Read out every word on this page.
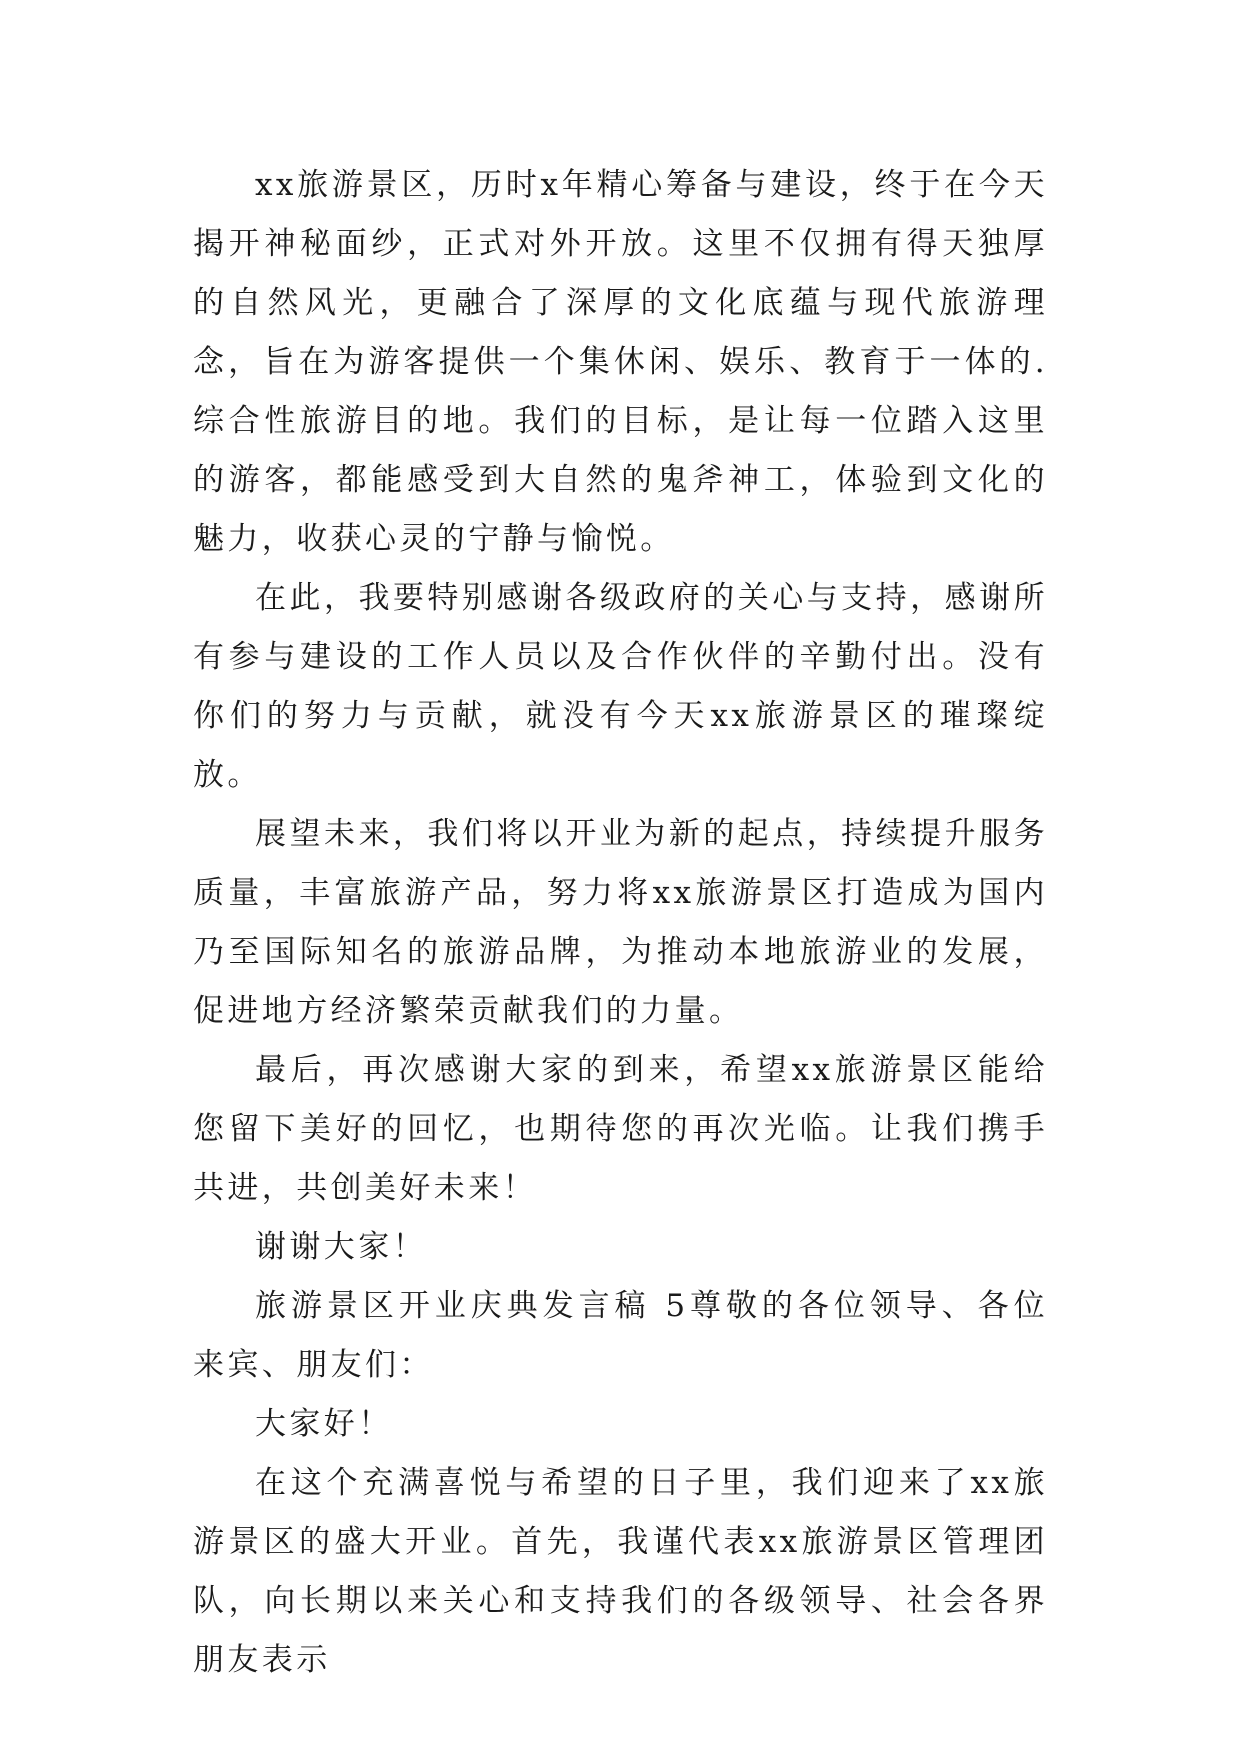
xx旅游景区，历时x年精心筹备与建设，终于在今天揭开神秘面纱，正式对外开放。这里不仅拥有得天独厚的自然风光，更融合了深厚的文化底蕴与现代旅游理念，旨在为游客提供一个集休闲、娱乐、教育于一体的.综合性旅游目的地。我们的目标，是让每一位踏入这里的游客，都能感受到大自然的鬼斧神工，体验到文化的魅力，收获心灵的宁静与愉悦。

在此，我要特别感谢各级政府的关心与支持，感谢所有参与建设的工作人员以及合作伙伴的辛勤付出。没有你们的努力与贡献，就没有今天xx旅游景区的璀璨绽放。

展望未来，我们将以开业为新的起点，持续提升服务质量，丰富旅游产品，努力将xx旅游景区打造成为国内乃至国际知名的旅游品牌，为推动本地旅游业的发展，促进地方经济繁荣贡献我们的力量。

最后，再次感谢大家的到来，希望xx旅游景区能给您留下美好的回忆，也期待您的再次光临。让我们携手共进，共创美好未来！

谢谢大家！

旅游景区开业庆典发言稿 5尊敬的各位领导、各位来宾、朋友们：

大家好！

在这个充满喜悦与希望的日子里，我们迎来了xx旅游景区的盛大开业。首先，我谨代表xx旅游景区管理团队，向长期以来关心和支持我们的各级领导、社会各界朋友表示
